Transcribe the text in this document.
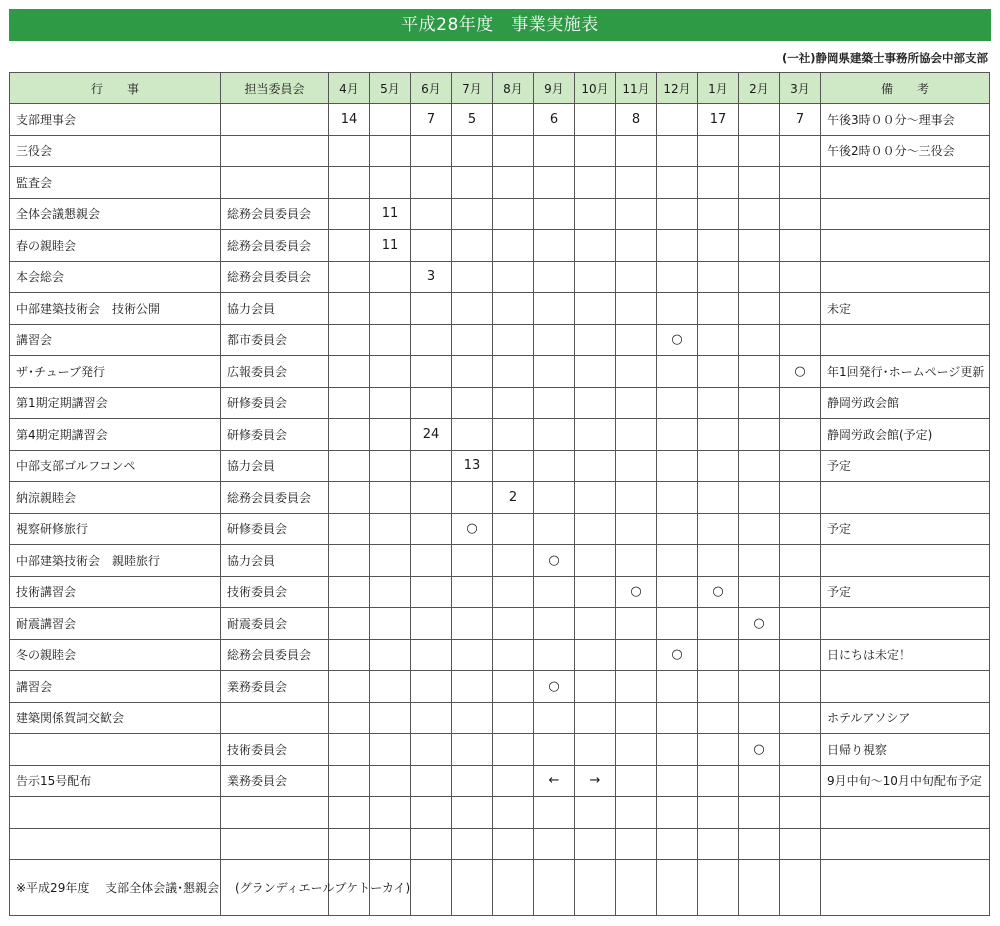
平成28年度　事業実施表
(一社)静岡県建築士事務所協会中部支部
行　　事	担当委員会	4月	5月	6月	7月	8月	9月	10月	11月	12月	1月	2月	3月	備　　考
支部理事会		14		7	5		6		8		17		7	午後3時００分～理事会
三役会														午後2時００分～三役会
監査会														
全体会議懇親会	総務会員委員会		11											
春の親睦会	総務会員委員会		11											
本会総会	総務会員委員会			3										
中部建築技術会　技術公開	協力会員													未定
講習会	都市委員会									○				
ザ･チューブ発行	広報委員会												○	年1回発行･ホームページ更新
第1期定期講習会	研修委員会													静岡労政会館
第4期定期講習会	研修委員会			24										静岡労政会館(予定)
中部支部ゴルフコンペ	協力会員				13									予定
納涼親睦会	総務会員委員会					2								
視察研修旅行	研修委員会				○									予定
中部建築技術会　親睦旅行	協力会員						○							
技術講習会	技術委員会								○		○			予定
耐震講習会	耐震委員会											○		
冬の親睦会	総務会員委員会									○				日にちは未定！
講習会	業務委員会						○							
建築関係賀詞交歓会														ホテルアソシア
	技術委員会											○		日帰り視察
告示15号配布	業務委員会						←	→						9月中旬～10月中旬配布予定

※平成29年度 　支部全体会議･懇親会 　(グランディエールブケトーカイ)														
